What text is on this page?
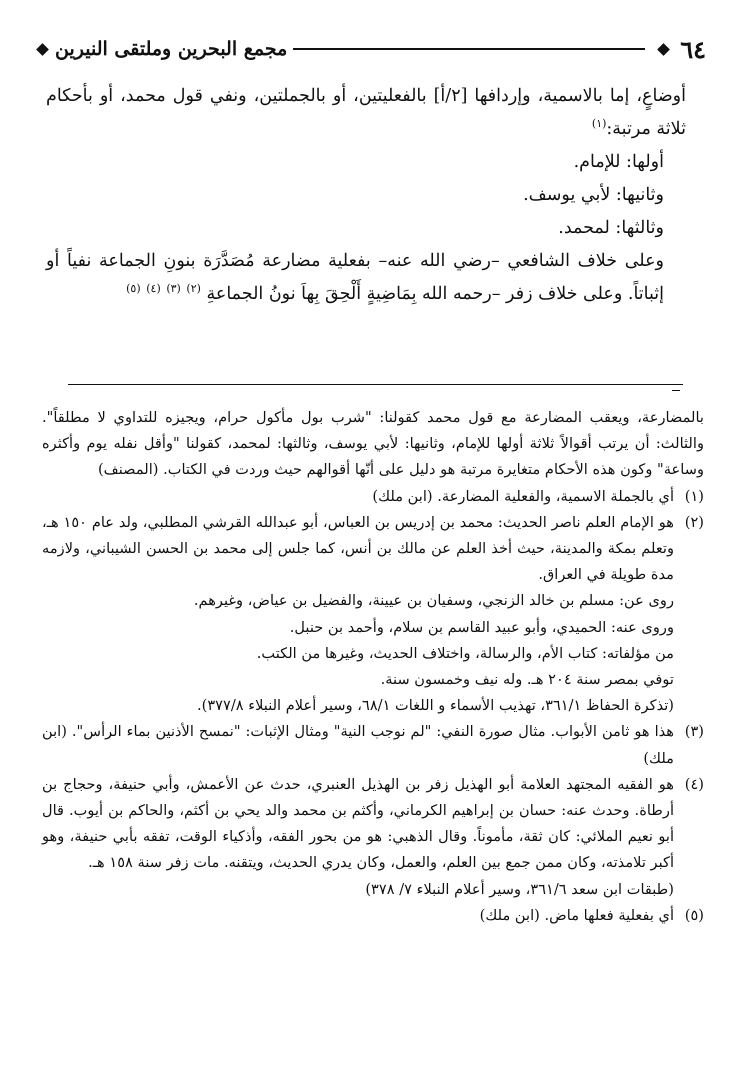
٦٤
مجمع البحرين وملتقى النيرين

أوضاعٍ، إما بالاسمية، وإردافها [٢/أ] بالفعليتين، أو بالجملتين، ونفي قول محمد، أو بأحكام ثلاثة مرتبة:$^{(١)}$

أولها: للإمام.

وثانيها: لأبي يوسف.

وثالثها: لمحمد.

وعلى خلاف الشافعي –رضي الله عنه– بفعلية مضارعة مُصَدَّرَة بنونِ الجماعة نفياً أو إثباتاً. وعلى خلاف زفر –رحمه الله بِمَاضِيةٍ أَلْحِقَ بِهاَ نونُ الجماعةِ $^{(٢)}$ $^{(٣)}$ $^{(٤)}$ $^{(٥)}$

بالمضارعة، ويعقب المضارعة مع قول محمد كقولنا: "شرب بول مأكول حرام، ويجيزه للتداوي لا مطلقاً". والثالث: أن يرتب أقوالاً ثلاثة أولها للإمام، وثانيها: لأبي يوسف، وثالثها: لمحمد، كقولنا "وأقل نفله يوم وأكثره وساعة" وكون هذه الأحكام متغايرة مرتبة هو دليل على أنّها أقوالهم حيث وردت في الكتاب. (المصنف)

(١)

أي بالجملة الاسمية، والفعلية المضارعة. (ابن ملك)

(٢)

هو الإمام العلم ناصر الحديث: محمد بن إدريس بن العباس، أبو عبدالله القرشي المطلبي، ولد عام ١٥٠ هـ، وتعلم بمكة والمدينة، حيث أخذ العلم عن مالك بن أنس، كما جلس إلى محمد بن الحسن الشيباني، ولازمه مدة طويلة في العراق.

روى عن: مسلم بن خالد الزنجي، وسفيان بن عيينة، والفضيل بن عياض، وغيرهم.

وروى عنه: الحميدي، وأبو عبيد القاسم بن سلام، وأحمد بن حنبل.

من مؤلفاته: كتاب الأم، والرسالة، واختلاف الحديث، وغيرها من الكتب.

توفي بمصر سنة ٢٠٤ هـ. وله نيف وخمسون سنة.

(تذكرة الحفاظ ٣٦١/١، تهذيب الأسماء و اللغات ٦٨/١، وسير أعلام النبلاء ٣٧٧/٨).

(٣)

هذا هو ثامن الأبواب. مثال صورة النفي: "لم نوجب النية" ومثال الإثبات: "نمسح الأذنين بماء الرأس". (ابن ملك)

(٤)

هو الفقيه المجتهد العلامة أبو الهذيل زفر بن الهذيل العنبري، حدث عن الأعمش، وأبي حنيفة، وحجاج بن أرطاة. وحدث عنه: حسان بن إبراهيم الكرماني، وأكثم بن محمد والد يحي بن أكثم، والحاكم بن أيوب. قال أبو نعيم الملائي: كان ثقة، مأموناً. وقال الذهبي: هو من بحور الفقه، وأذكياء الوقت، تفقه بأبي حنيفة، وهو أكبر تلامذته، وكان ممن جمع بين العلم، والعمل، وكان يدري الحديث، ويتقنه. مات زفر سنة ١٥٨ هـ.

(طبقات ابن سعد ٣٦١/٦، وسير أعلام النبلاء ٧/ ٣٧٨)

(٥)

أي بفعلية فعلها ماض. (ابن ملك)
